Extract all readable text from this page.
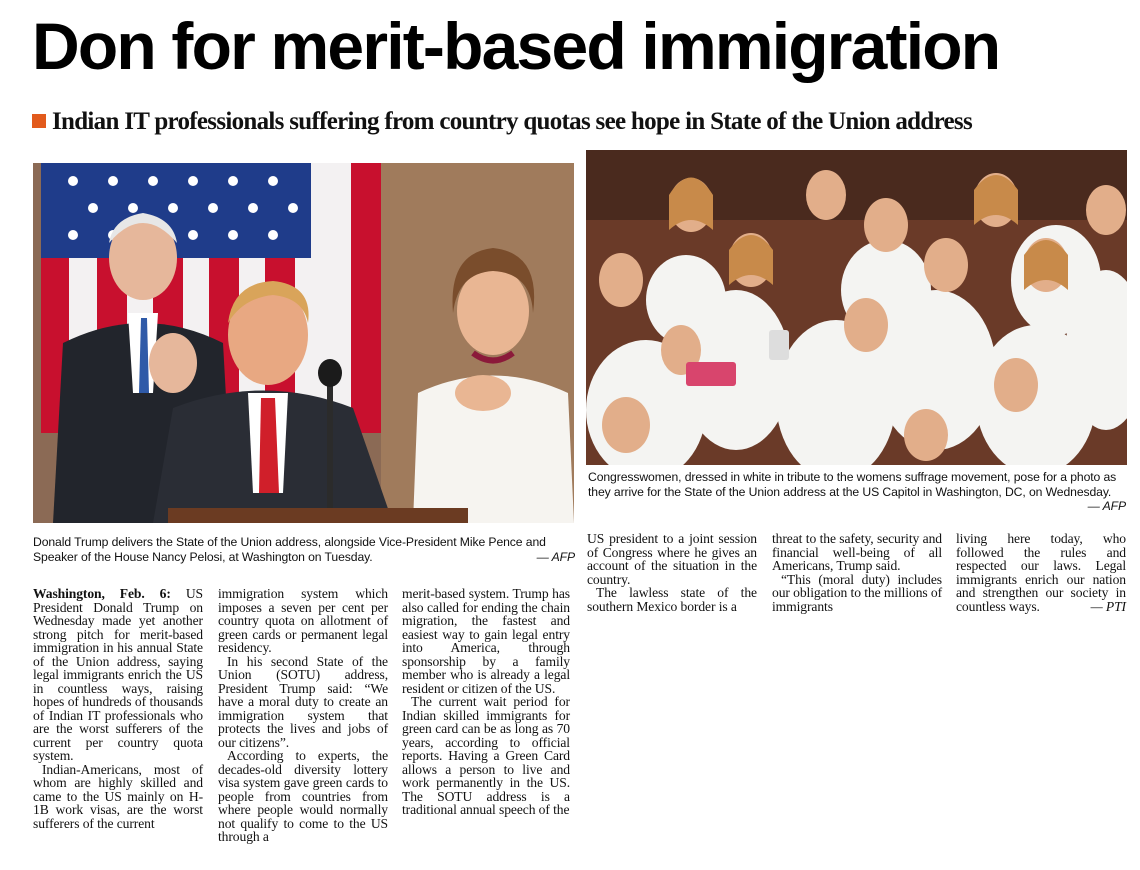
Don for merit-based immigration
Indian IT professionals suffering from country quotas see hope in State of the Union address

Congresswomen, dressed in white in tribute to the womens suffrage movement, pose for a photo as they arrive for the State of the Union address at the US Capitol in Washington, DC, on Wednesday.
— AFP

Donald Trump delivers the State of the Union address, alongside Vice-President Mike Pence and Speaker of the House Nancy Pelosi, at Washington on Tuesday.	— AFP

Washington, Feb. 6: US President Donald Trump on Wednesday made yet another strong pitch for merit-based immigration in his annual State of the Union address, saying legal immigrants enrich the US in countless ways, raising hopes of hundreds of thousands of Indian IT professionals who are the worst sufferers of the current per country quota system.

Indian-Americans, most of whom are highly skilled and came to the US mainly on H-1B work visas, are the worst sufferers of the current

immigration system which imposes a seven per cent per country quota on allotment of green cards or permanent legal residency.

In his second State of the Union (SOTU) address, President Trump said: “We have a moral duty to create an immigration system that protects the lives and jobs of our citizens”.

According to experts, the decades-old diversity lottery visa system gave green cards to people from countries from where people would normally not qualify to come to the US through a

merit-based system. Trump has also called for ending the chain migration, the fastest and easiest way to gain legal entry into America, through sponsorship by a family member who is already a legal resident or citizen of the US.

The current wait period for Indian skilled immigrants for green card can be as long as 70 years, according to official reports. Having a Green Card allows a person to live and work permanently in the US. The SOTU address is a traditional annual speech of the

US president to a joint session of Congress where he gives an account of the situation in the country.

The lawless state of the southern Mexico border is a

threat to the safety, security and financial well-being of all Americans, Trump said.

“This (moral duty) includes our obligation to the millions of immigrants

living here today, who followed the rules and respected our laws. Legal immigrants enrich our nation and strengthen our society in countless ways.	— PTI
